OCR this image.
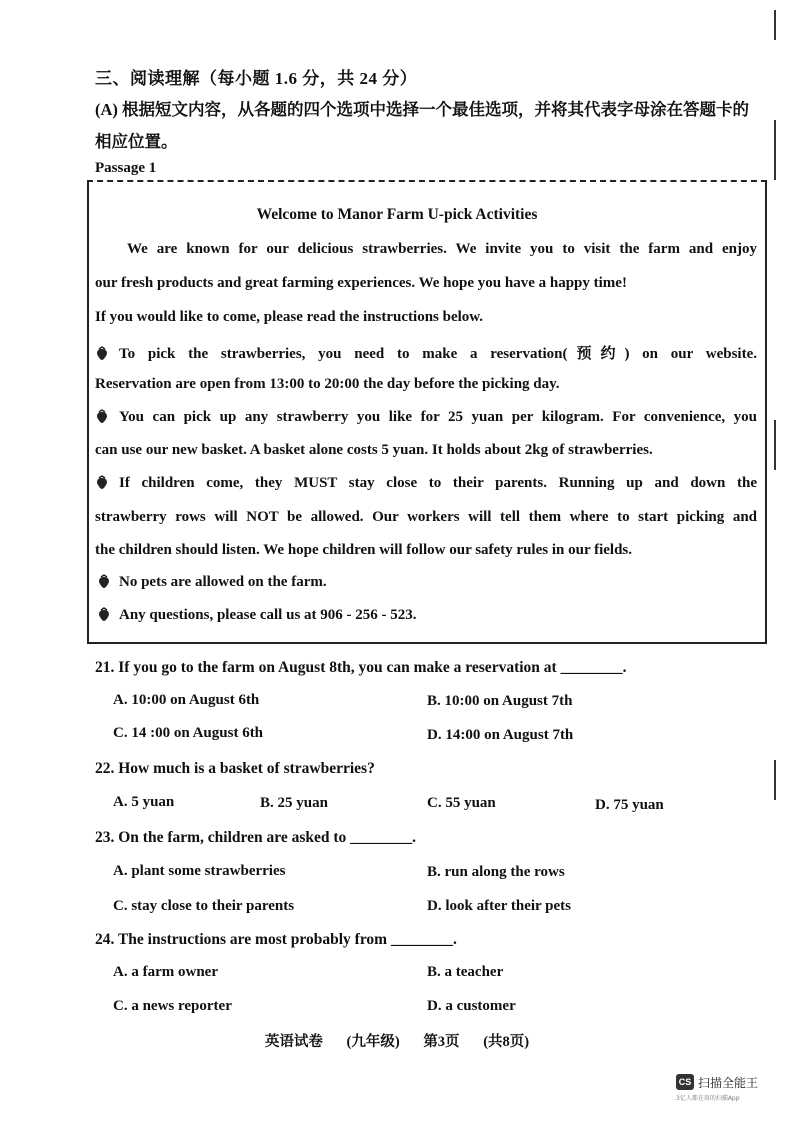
三、阅读理解（每小题 1.6 分，共 24 分）
(A) 根据短文内容，从各题的四个选项中选择一个最佳选项，并将其代表字母涂在答题卡的相应位置。
Passage 1
Welcome to Manor Farm U-pick Activities
We are known for our delicious strawberries. We invite you to visit the farm and enjoy
our fresh products and great farming experiences. We hope you have a happy time!
If you would like to come, please read the instructions below.
To pick the strawberries, you need to make a reservation(预约) on our website.
Reservation are open from 13:00 to 20:00 the day before the picking day.
You can pick up any strawberry you like for 25 yuan per kilogram. For convenience, you
can use our new basket. A basket alone costs 5 yuan. It holds about 2kg of strawberries.
If children come, they MUST stay close to their parents. Running up and down the
strawberry rows will NOT be allowed. Our workers will tell them where to start picking and
the children should listen. We hope children will follow our safety rules in our fields.
No pets are allowed on the farm.
Any questions, please call us at 906 - 256 - 523.
21. If you go to the farm on August 8th, you can make a reservation at ________.
A. 10:00 on August 6th	B. 10:00 on August 7th
C. 14 :00 on August 6th	D. 14:00 on August 7th
22. How much is a basket of strawberries?
A. 5 yuan	B. 25 yuan	C. 55 yuan	D. 75 yuan
23. On the farm, children are asked to ________.
A. plant some strawberries	B. run along the rows
C. stay close to their parents	D. look after their pets
24. The instructions are most probably from ________.
A. a farm owner	B. a teacher
C. a news reporter	D. a customer
英语试卷 (九年级) 第3页 (共8页)
CS 扫描全能王
3亿人都在用的扫描App
